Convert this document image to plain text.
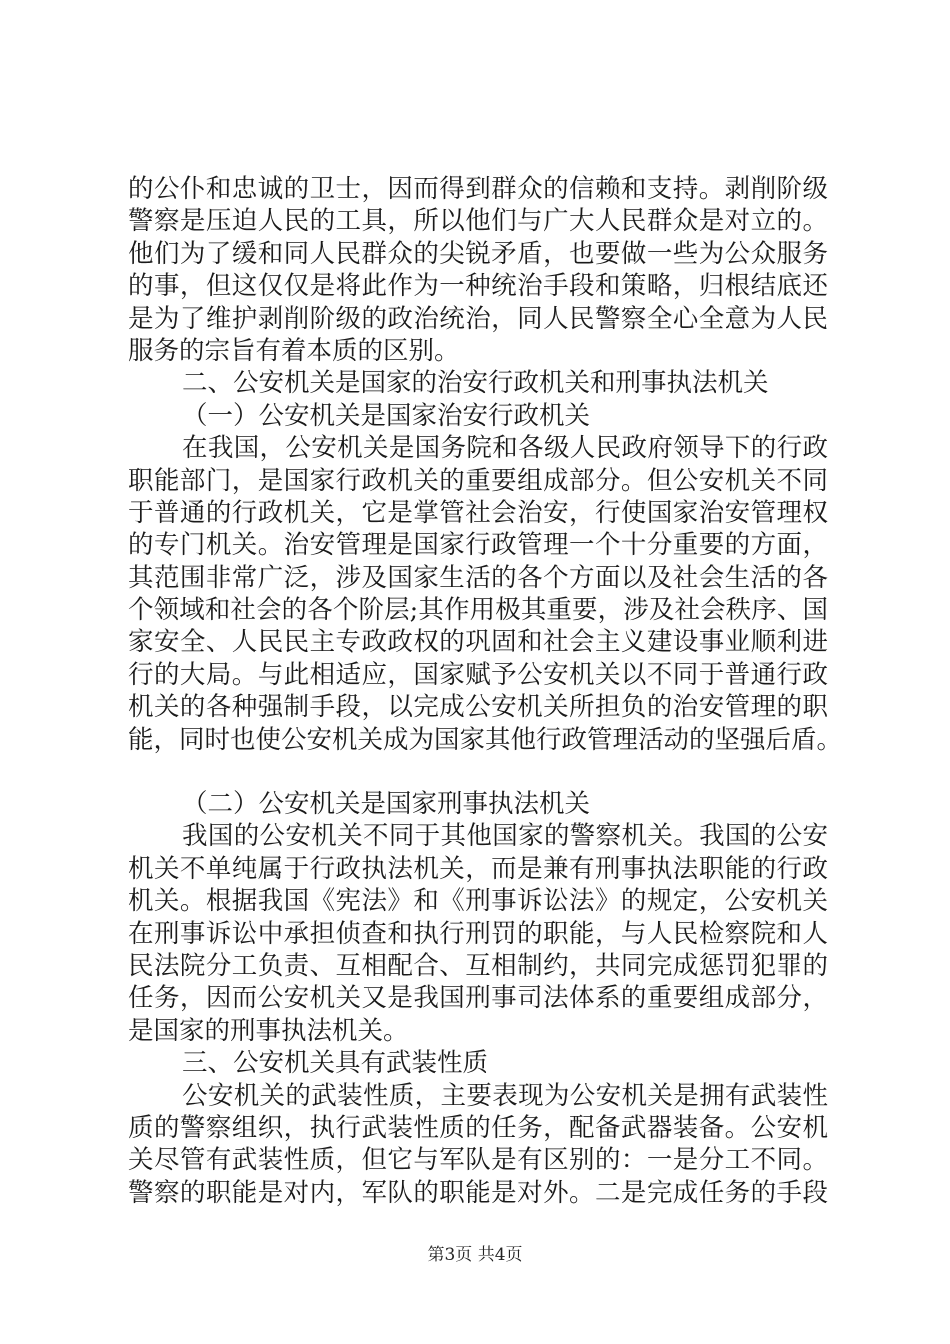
的公仆和忠诚的卫士，因而得到群众的信赖和支持。剥削阶级
警察是压迫人民的工具，所以他们与广大人民群众是对立的。
他们为了缓和同人民群众的尖锐矛盾，也要做一些为公众服务
的事，但这仅仅是将此作为一种统治手段和策略，归根结底还
是为了维护剥削阶级的政治统治，同人民警察全心全意为人民
服务的宗旨有着本质的区别。
二、公安机关是国家的治安行政机关和刑事执法机关
（一）公安机关是国家治安行政机关
在我国，公安机关是国务院和各级人民政府领导下的行政
职能部门，是国家行政机关的重要组成部分。但公安机关不同
于普通的行政机关，它是掌管社会治安，行使国家治安管理权
的专门机关。治安管理是国家行政管理一个十分重要的方面，
其范围非常广泛，涉及国家生活的各个方面以及社会生活的各
个领域和社会的各个阶层;其作用极其重要，涉及社会秩序、国
家安全、人民民主专政政权的巩固和社会主义建设事业顺利进
行的大局。与此相适应，国家赋予公安机关以不同于普通行政
机关的各种强制手段，以完成公安机关所担负的治安管理的职
能，同时也使公安机关成为国家其他行政管理活动的坚强后盾。
（二）公安机关是国家刑事执法机关
我国的公安机关不同于其他国家的警察机关。我国的公安
机关不单纯属于行政执法机关，而是兼有刑事执法职能的行政
机关。根据我国《宪法》和《刑事诉讼法》的规定，公安机关
在刑事诉讼中承担侦查和执行刑罚的职能，与人民检察院和人
民法院分工负责、互相配合、互相制约，共同完成惩罚犯罪的
任务，因而公安机关又是我国刑事司法体系的重要组成部分，
是国家的刑事执法机关。
三、公安机关具有武装性质
公安机关的武装性质，主要表现为公安机关是拥有武装性
质的警察组织，执行武装性质的任务，配备武器装备。公安机
关尽管有武装性质，但它与军队是有区别的：一是分工不同。
警察的职能是对内，军队的职能是对外。二是完成任务的手段
第3页 共4页
